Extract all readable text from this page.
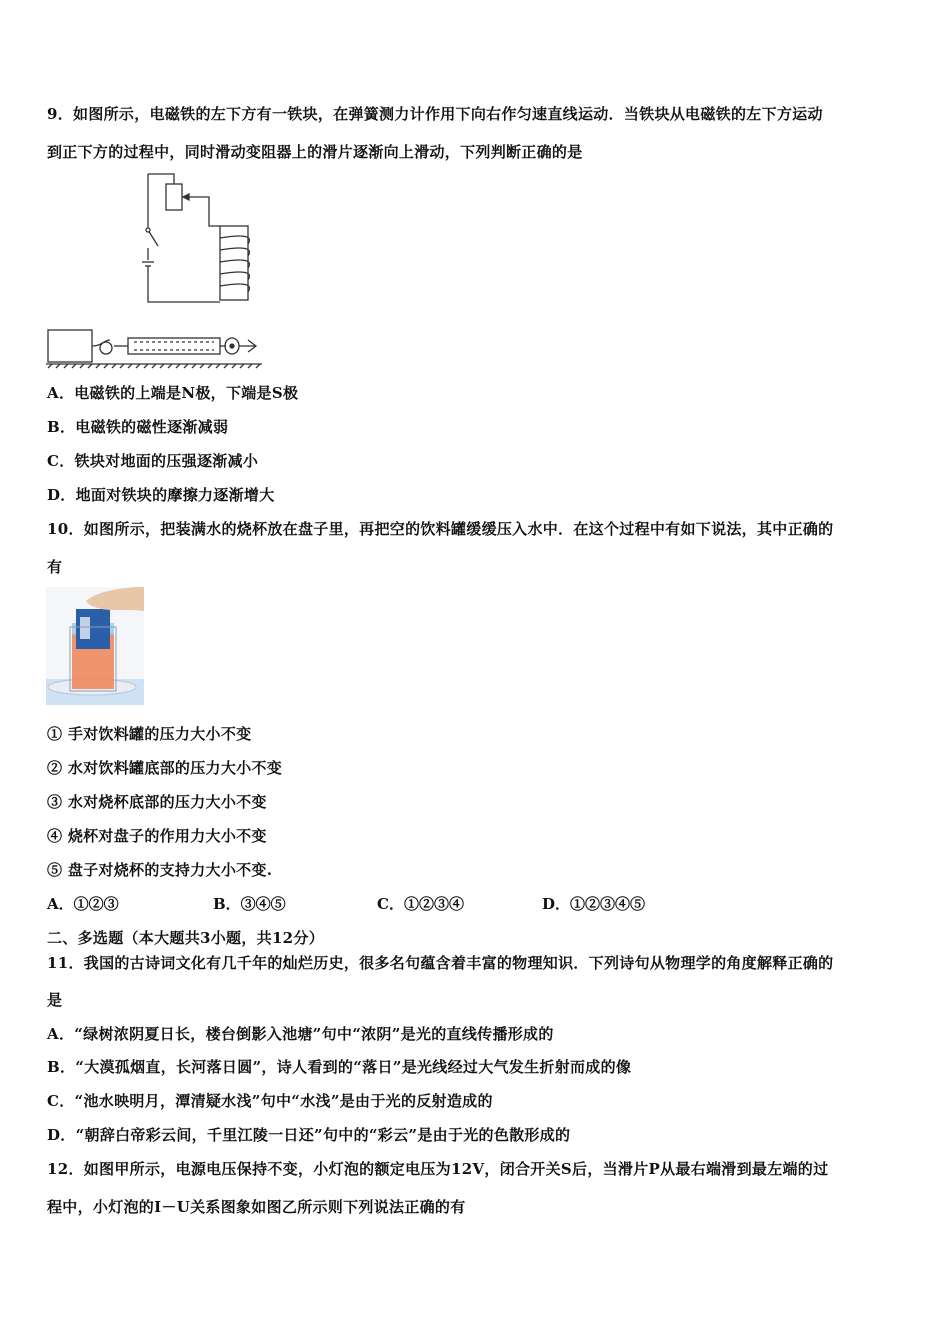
9．如图所示，电磁铁的左下方有一铁块，在弹簧测力计作用下向右作匀速直线运动．当铁块从电磁铁的左下方运动
到正下方的过程中，同时滑动变阻器上的滑片逐渐向上滑动，下列判断正确的是
A．电磁铁的上端是N极，下端是S极
B．电磁铁的磁性逐渐减弱
C．铁块对地面的压强逐渐减小
D．地面对铁块的摩擦力逐渐增大
10．如图所示，把装满水的烧杯放在盘子里，再把空的饮料罐缓缓压入水中．在这个过程中有如下说法，其中正确的
有
① 手对饮料罐的压力大小不变
② 水对饮料罐底部的压力大小不变
③ 水对烧杯底部的压力大小不变
④ 烧杯对盘子的作用力大小不变
⑤ 盘子对烧杯的支持力大小不变.
A．①②③	B．③④⑤	C．①②③④	D．①②③④⑤
二、多选题（本大题共3小题，共12分）
11．我国的古诗词文化有几千年的灿烂历史，很多名句蕴含着丰富的物理知识．下列诗句从物理学的角度解释正确的
是
A．“绿树浓阴夏日长，楼台倒影入池塘”句中“浓阴”是光的直线传播形成的
B．“大漠孤烟直，长河落日圆”，诗人看到的“落日”是光线经过大气发生折射而成的像
C．“池水映明月，潭清疑水浅”句中“水浅”是由于光的反射造成的
D．“朝辞白帝彩云间，千里江陵一日还”句中的“彩云”是由于光的色散形成的
12．如图甲所示，电源电压保持不变，小灯泡的额定电压为12V，闭合开关S后，当滑片P从最右端滑到最左端的过
程中，小灯泡的I－U关系图象如图乙所示则下列说法正确的有
